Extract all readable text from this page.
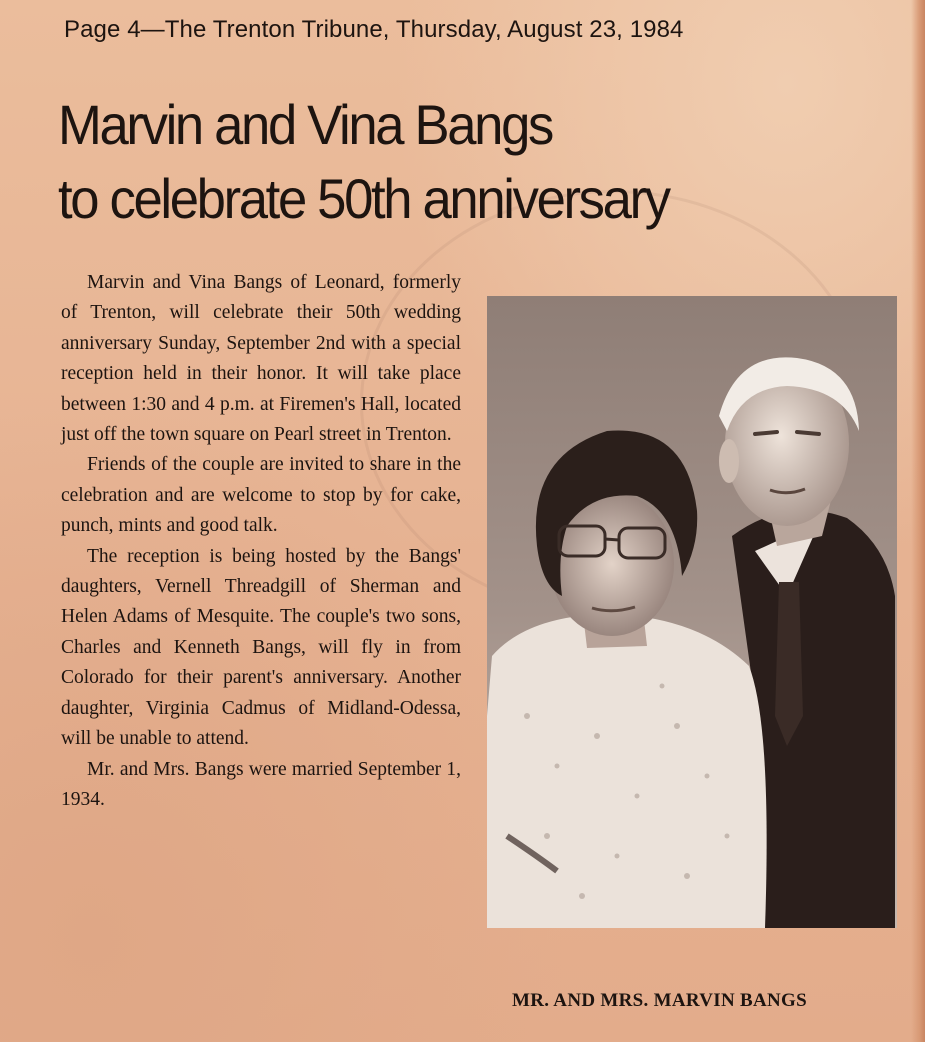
Page 4—The Trenton Tribune, Thursday, August 23, 1984
Marvin and Vina Bangs
to celebrate 50th anniversary

Marvin and Vina Bangs of Leonard, formerly of Trenton, will celebrate their 50th wedding anniversary Sunday, September 2nd with a special reception held in their honor. It will take place between 1:30 and 4 p.m. at Firemen's Hall, located just off the town square on Pearl street in Trenton.

Friends of the couple are invited to share in the celebration and are welcome to stop by for cake, punch, mints and good talk.

The reception is being hosted by the Bangs' daughters, Vernell Threadgill of Sherman and Helen Adams of Mesquite. The couple's two sons, Charles and Kenneth Bangs, will fly in from Colorado for their parent's anniversary. Another daughter, Virginia Cadmus of Midland-Odessa, will be unable to attend.

Mr. and Mrs. Bangs were married September 1, 1934.

MR. AND MRS. MARVIN BANGS
